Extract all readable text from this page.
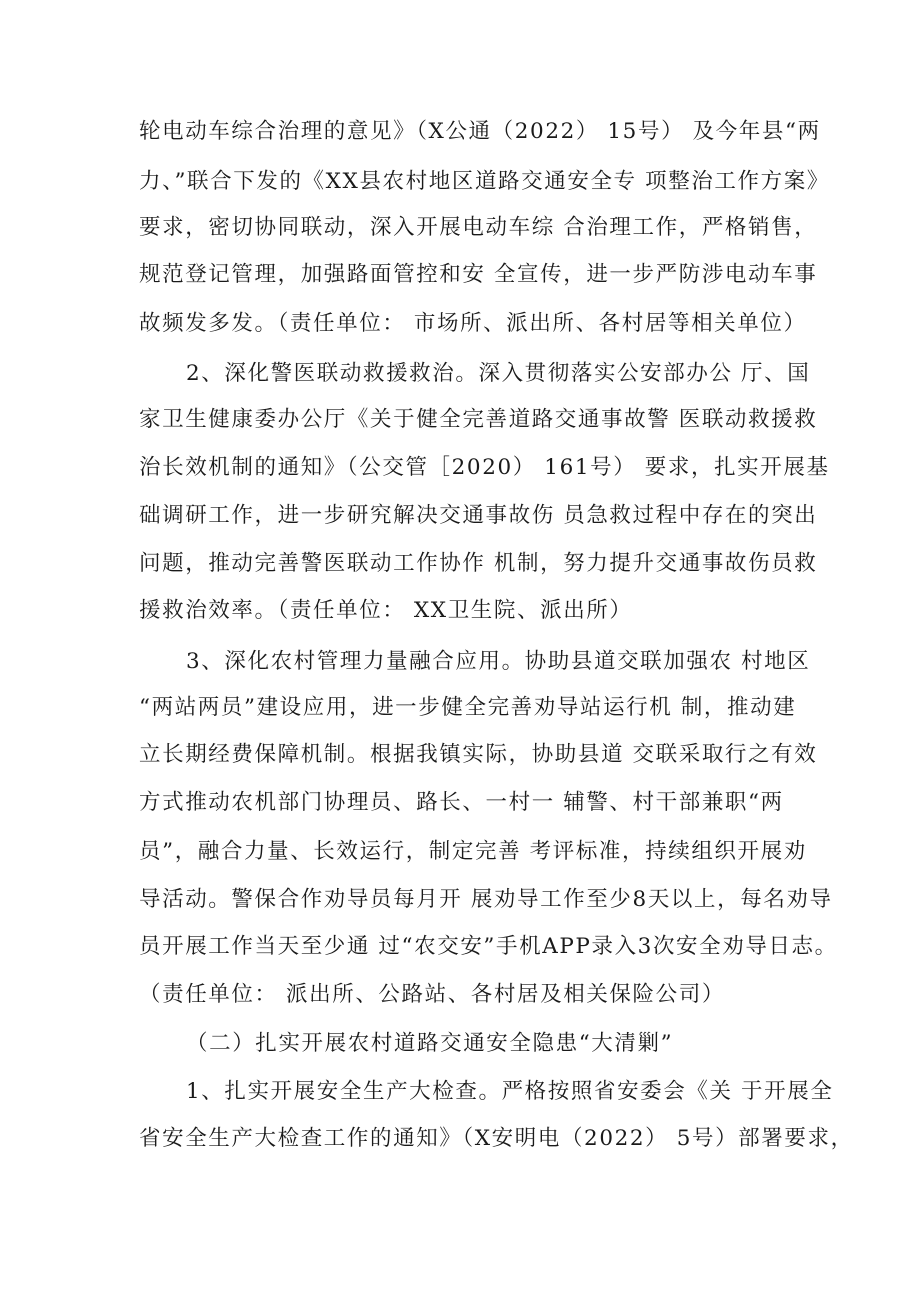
轮电动车综合治理的意见》（X公通（2022） 15号） 及今年县“两
力、”联合下发的《XX县农村地区道路交通安全专 项整治工作方案》
要求，密切协同联动，深入开展电动车综 合治理工作，严格销售，
规范登记管理，加强路面管控和安 全宣传，进一步严防涉电动车事
故频发多发。（责任单位： 市场所、派出所、各村居等相关单位）
2、深化警医联动救援救治。深入贯彻落实公安部办公 厅、国
家卫生健康委办公厅《关于健全完善道路交通事故警 医联动救援救
治长效机制的通知》（公交管［2020） 161号） 要求，扎实开展基
础调研工作，进一步研究解决交通事故伤 员急救过程中存在的突出
问题，推动完善警医联动工作协作 机制，努力提升交通事故伤员救
援救治效率。（责任单位： XX卫生院、派出所）
3、深化农村管理力量融合应用。协助县道交联加强农 村地区
“两站两员”建设应用，进一步健全完善劝导站运行机 制，推动建
立长期经费保障机制。根据我镇实际，协助县道 交联采取行之有效
方式推动农机部门协理员、路长、一村一 辅警、村干部兼职“两
员”，融合力量、长效运行，制定完善 考评标准，持续组织开展劝
导活动。警保合作劝导员每月开 展劝导工作至少8天以上，每名劝导
员开展工作当天至少通 过“农交安”手机APP录入3次安全劝导日志。
（责任单位： 派出所、公路站、各村居及相关保险公司）
（二）扎实开展农村道路交通安全隐患“大清剿”
1、扎实开展安全生产大检查。严格按照省安委会《关 于开展全
省安全生产大检查工作的通知》（X安明电（2022） 5号）部署要求，
